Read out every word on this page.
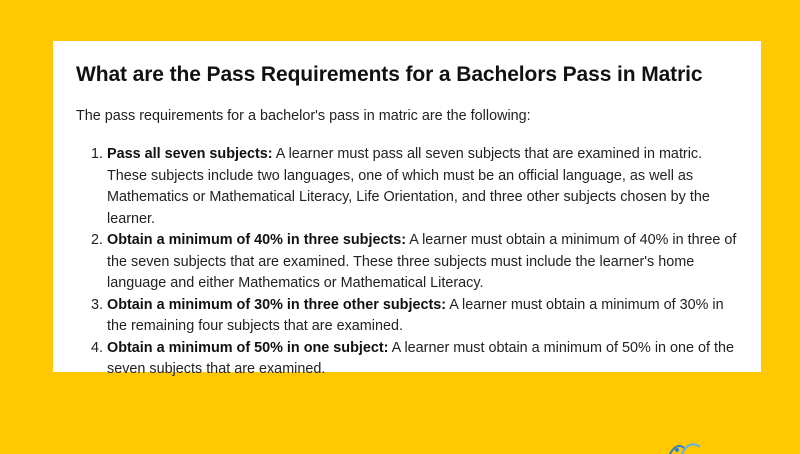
What are the Pass Requirements for a Bachelors Pass in Matric

The pass requirements for a bachelor's pass in matric are the following:

1. Pass all seven subjects: A learner must pass all seven subjects that are examined in matric. These subjects include two languages, one of which must be an official language, as well as Mathematics or Mathematical Literacy, Life Orientation, and three other subjects chosen by the learner.
2. Obtain a minimum of 40% in three subjects: A learner must obtain a minimum of 40% in three of the seven subjects that are examined. These three subjects must include the learner's home language and either Mathematics or Mathematical Literacy.
3. Obtain a minimum of 30% in three other subjects: A learner must obtain a minimum of 30% in the remaining four subjects that are examined.
4. Obtain a minimum of 50% in one subject: A learner must obtain a minimum of 50% in one of the seven subjects that are examined.
